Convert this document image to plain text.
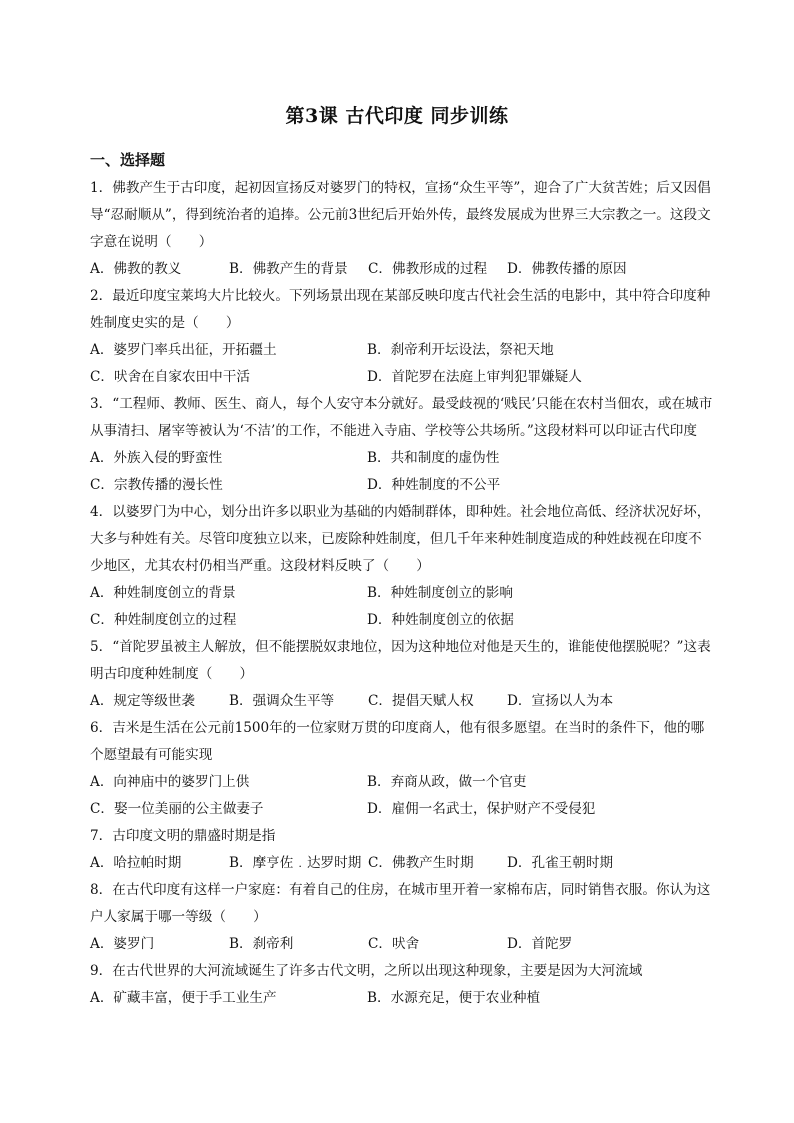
第3课 古代印度 同步训练
一、选择题
1．佛教产生于古印度，起初因宣扬反对婆罗门的特权，宣扬“众生平等”，迎合了广大贫苦姓；后又因倡导“忍耐顺从”，得到统治者的追捧。公元前3世纪后开始外传，最终发展成为世界三大宗教之一。这段文字意在说明（　　）
A．佛教的教义	B．佛教产生的背景	C．佛教形成的过程	D．佛教传播的原因
2．最近印度宝莱坞大片比较火。下列场景出现在某部反映印度古代社会生活的电影中，其中符合印度种姓制度史实的是（　　）
A．婆罗门率兵出征，开拓疆土	B．刹帝利开坛设法，祭祀天地
C．吠舍在自家农田中干活	D．首陀罗在法庭上审判犯罪嫌疑人
3．“工程师、教师、医生、商人，每个人安守本分就好。最受歧视的‘贱民’只能在农村当佃农，或在城市从事清扫、屠宰等被认为‘不洁’的工作，不能进入寺庙、学校等公共场所。”这段材料可以印证古代印度
A．外族入侵的野蛮性	B．共和制度的虚伪性
C．宗教传播的漫长性	D．种姓制度的不公平
4．以婆罗门为中心，划分出许多以职业为基础的内婚制群体，即种姓。社会地位高低、经济状况好坏，大多与种姓有关。尽管印度独立以来，已废除种姓制度，但几千年来种姓制度造成的种姓歧视在印度不少地区，尤其农村仍相当严重。这段材料反映了（　　）
A．种姓制度创立的背景	B．种姓制度创立的影响
C．种姓制度创立的过程	D．种姓制度创立的依据
5．“首陀罗虽被主人解放，但不能摆脱奴隶地位，因为这种地位对他是天生的，谁能使他摆脱呢？”这表明古印度种姓制度（　　）
A．规定等级世袭	B．强调众生平等	C．提倡天赋人权	D．宣扬以人为本
6．吉米是生活在公元前1500年的一位家财万贯的印度商人，他有很多愿望。在当时的条件下，他的哪个愿望最有可能实现
A．向神庙中的婆罗门上供	B．弃商从政，做一个官吏
C．娶一位美丽的公主做妻子	D．雇佣一名武士，保护财产不受侵犯
7．古印度文明的鼎盛时期是指
A．哈拉帕时期	B．摩亨佐﹒达罗时期 C．佛教产生时期	D．孔雀王朝时期
8．在古代印度有这样一户家庭：有着自己的住房，在城市里开着一家棉布店，同时销售衣服。你认为这户人家属于哪一等级（　　）
A．婆罗门	B．刹帝利	C．吠舍	D．首陀罗
9．在古代世界的大河流域诞生了许多古代文明，之所以出现这种现象，主要是因为大河流域
A．矿藏丰富，便于手工业生产	B．水源充足，便于农业种植
